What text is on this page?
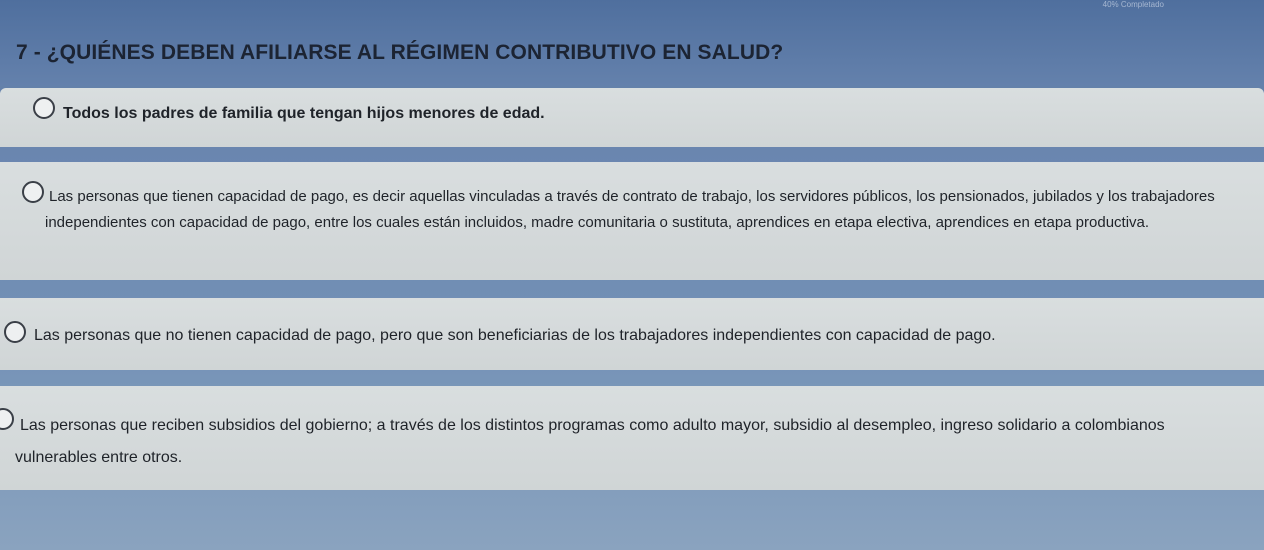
40% Completado
7 - ¿QUIÉNES DEBEN AFILIARSE AL RÉGIMEN CONTRIBUTIVO EN SALUD?
Todos los padres de familia que tengan hijos menores de edad.
Las personas que tienen capacidad de pago, es decir aquellas vinculadas a través de contrato de trabajo, los servidores públicos, los pensionados, jubilados y los trabajadores independientes con capacidad de pago, entre los cuales están incluidos, madre comunitaria o sustituta, aprendices en etapa electiva, aprendices en etapa productiva.
Las personas que no tienen capacidad de pago, pero que son beneficiarias de los trabajadores independientes con capacidad de pago.
Las personas que reciben subsidios del gobierno; a través de los distintos programas como adulto mayor, subsidio al desempleo, ingreso solidario a colombianos vulnerables entre otros.
